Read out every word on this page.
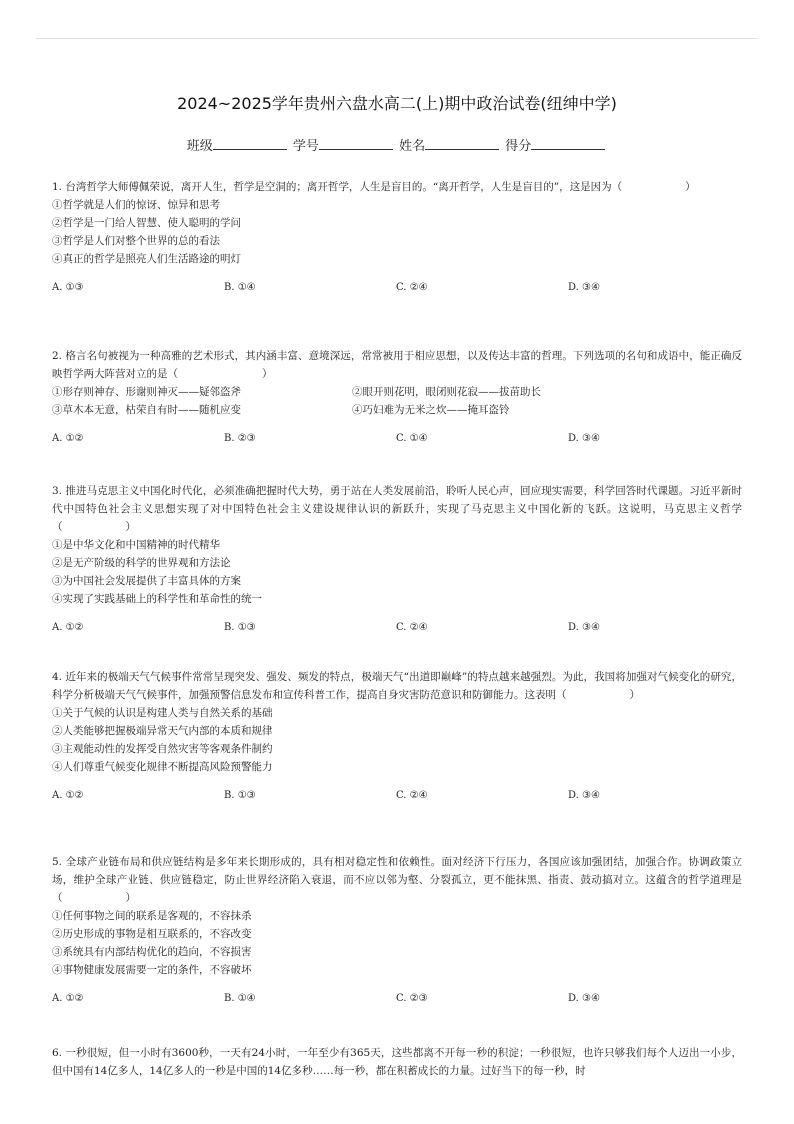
2024~2025学年贵州六盘水高二(上)期中政治试卷(纽绅中学)
班级	学号	姓名	得分
1. 台湾哲学大师傅佩荣说，离开人生，哲学是空洞的；离开哲学，人生是盲目的。“离开哲学，人生是盲目的”，这是因为（　　　　　　）
①哲学就是人们的惊讶、惊异和思考
②哲学是一门给人智慧、使人聪明的学问
③哲学是人们对整个世界的总的看法
④真正的哲学是照亮人们生活路途的明灯
A. ①③	B. ①④	C. ②④	D. ③④
2. 格言名句被视为一种高雅的艺术形式，其内涵丰富、意境深远，常常被用于相应思想，以及传达丰富的哲理。下列选项的名句和成语中，能正确反映哲学两大阵营对立的是（　　　　　　　　）
①形存则神存、形谢则神灭——疑邻盗斧	②眼开则花明，眼闭则花寂——拔苗助长
③草木本无意，枯荣自有时——随机应变	④巧妇难为无米之炊——掩耳盗铃
A. ①②	B. ②③	C. ①④	D. ③④
3. 推进马克思主义中国化时代化，必须准确把握时代大势，勇于站在人类发展前沿，聆听人民心声，回应现实需要，科学回答时代课题。习近平新时代中国特色社会主义思想实现了对中国特色社会主义建设规律认识的新跃升，实现了马克思主义中国化新的飞跃。这说明，马克思主义哲学（　　　　　　）
①是中华文化和中国精神的时代精华
②是无产阶级的科学的世界观和方法论
③为中国社会发展提供了丰富具体的方案
④实现了实践基础上的科学性和革命性的统一
A. ①②	B. ①③	C. ②④	D. ③④
4. 近年来的极端天气气候事件常常呈现突发、强发、频发的特点，极端天气“出道即巅峰”的特点越来越强烈。为此，我国将加强对气候变化的研究，科学分析极端天气气候事件，加强预警信息发布和宣传科普工作，提高自身灾害防范意识和防御能力。这表明（　　　　　　）
①关于气候的认识是构建人类与自然关系的基础
②人类能够把握极端异常天气内部的本质和规律
③主观能动性的发挥受自然灾害等客观条件制约
④人们尊重气候变化规律不断提高风险预警能力
A. ①②	B. ①③	C. ②④	D. ③④
5. 全球产业链布局和供应链结构是多年来长期形成的，具有相对稳定性和依赖性。面对经济下行压力，各国应该加强团结，加强合作。协调政策立场，维护全球产业链、供应链稳定，防止世界经济陷入衰退，而不应以邻为壑、分裂孤立，更不能抹黑、指责、鼓动搞对立。这蕴含的哲学道理是（　　　　　　）
①任何事物之间的联系是客观的，不容抹杀
②历史形成的事物是相互联系的，不容改变
③系统具有内部结构优化的趋向，不容损害
④事物健康发展需要一定的条件，不容破坏
A. ①②	B. ①④	C. ②③	D. ③④
6. 一秒很短，但一小时有3600秒，一天有24小时，一年至少有365天，这些都离不开每一秒的积淀；一秒很短，也许只够我们每个人迈出一小步，但中国有14亿多人，14亿多人的一秒是中国的14亿多秒……每一秒，都在积蓄成长的力量。过好当下的每一秒，时
